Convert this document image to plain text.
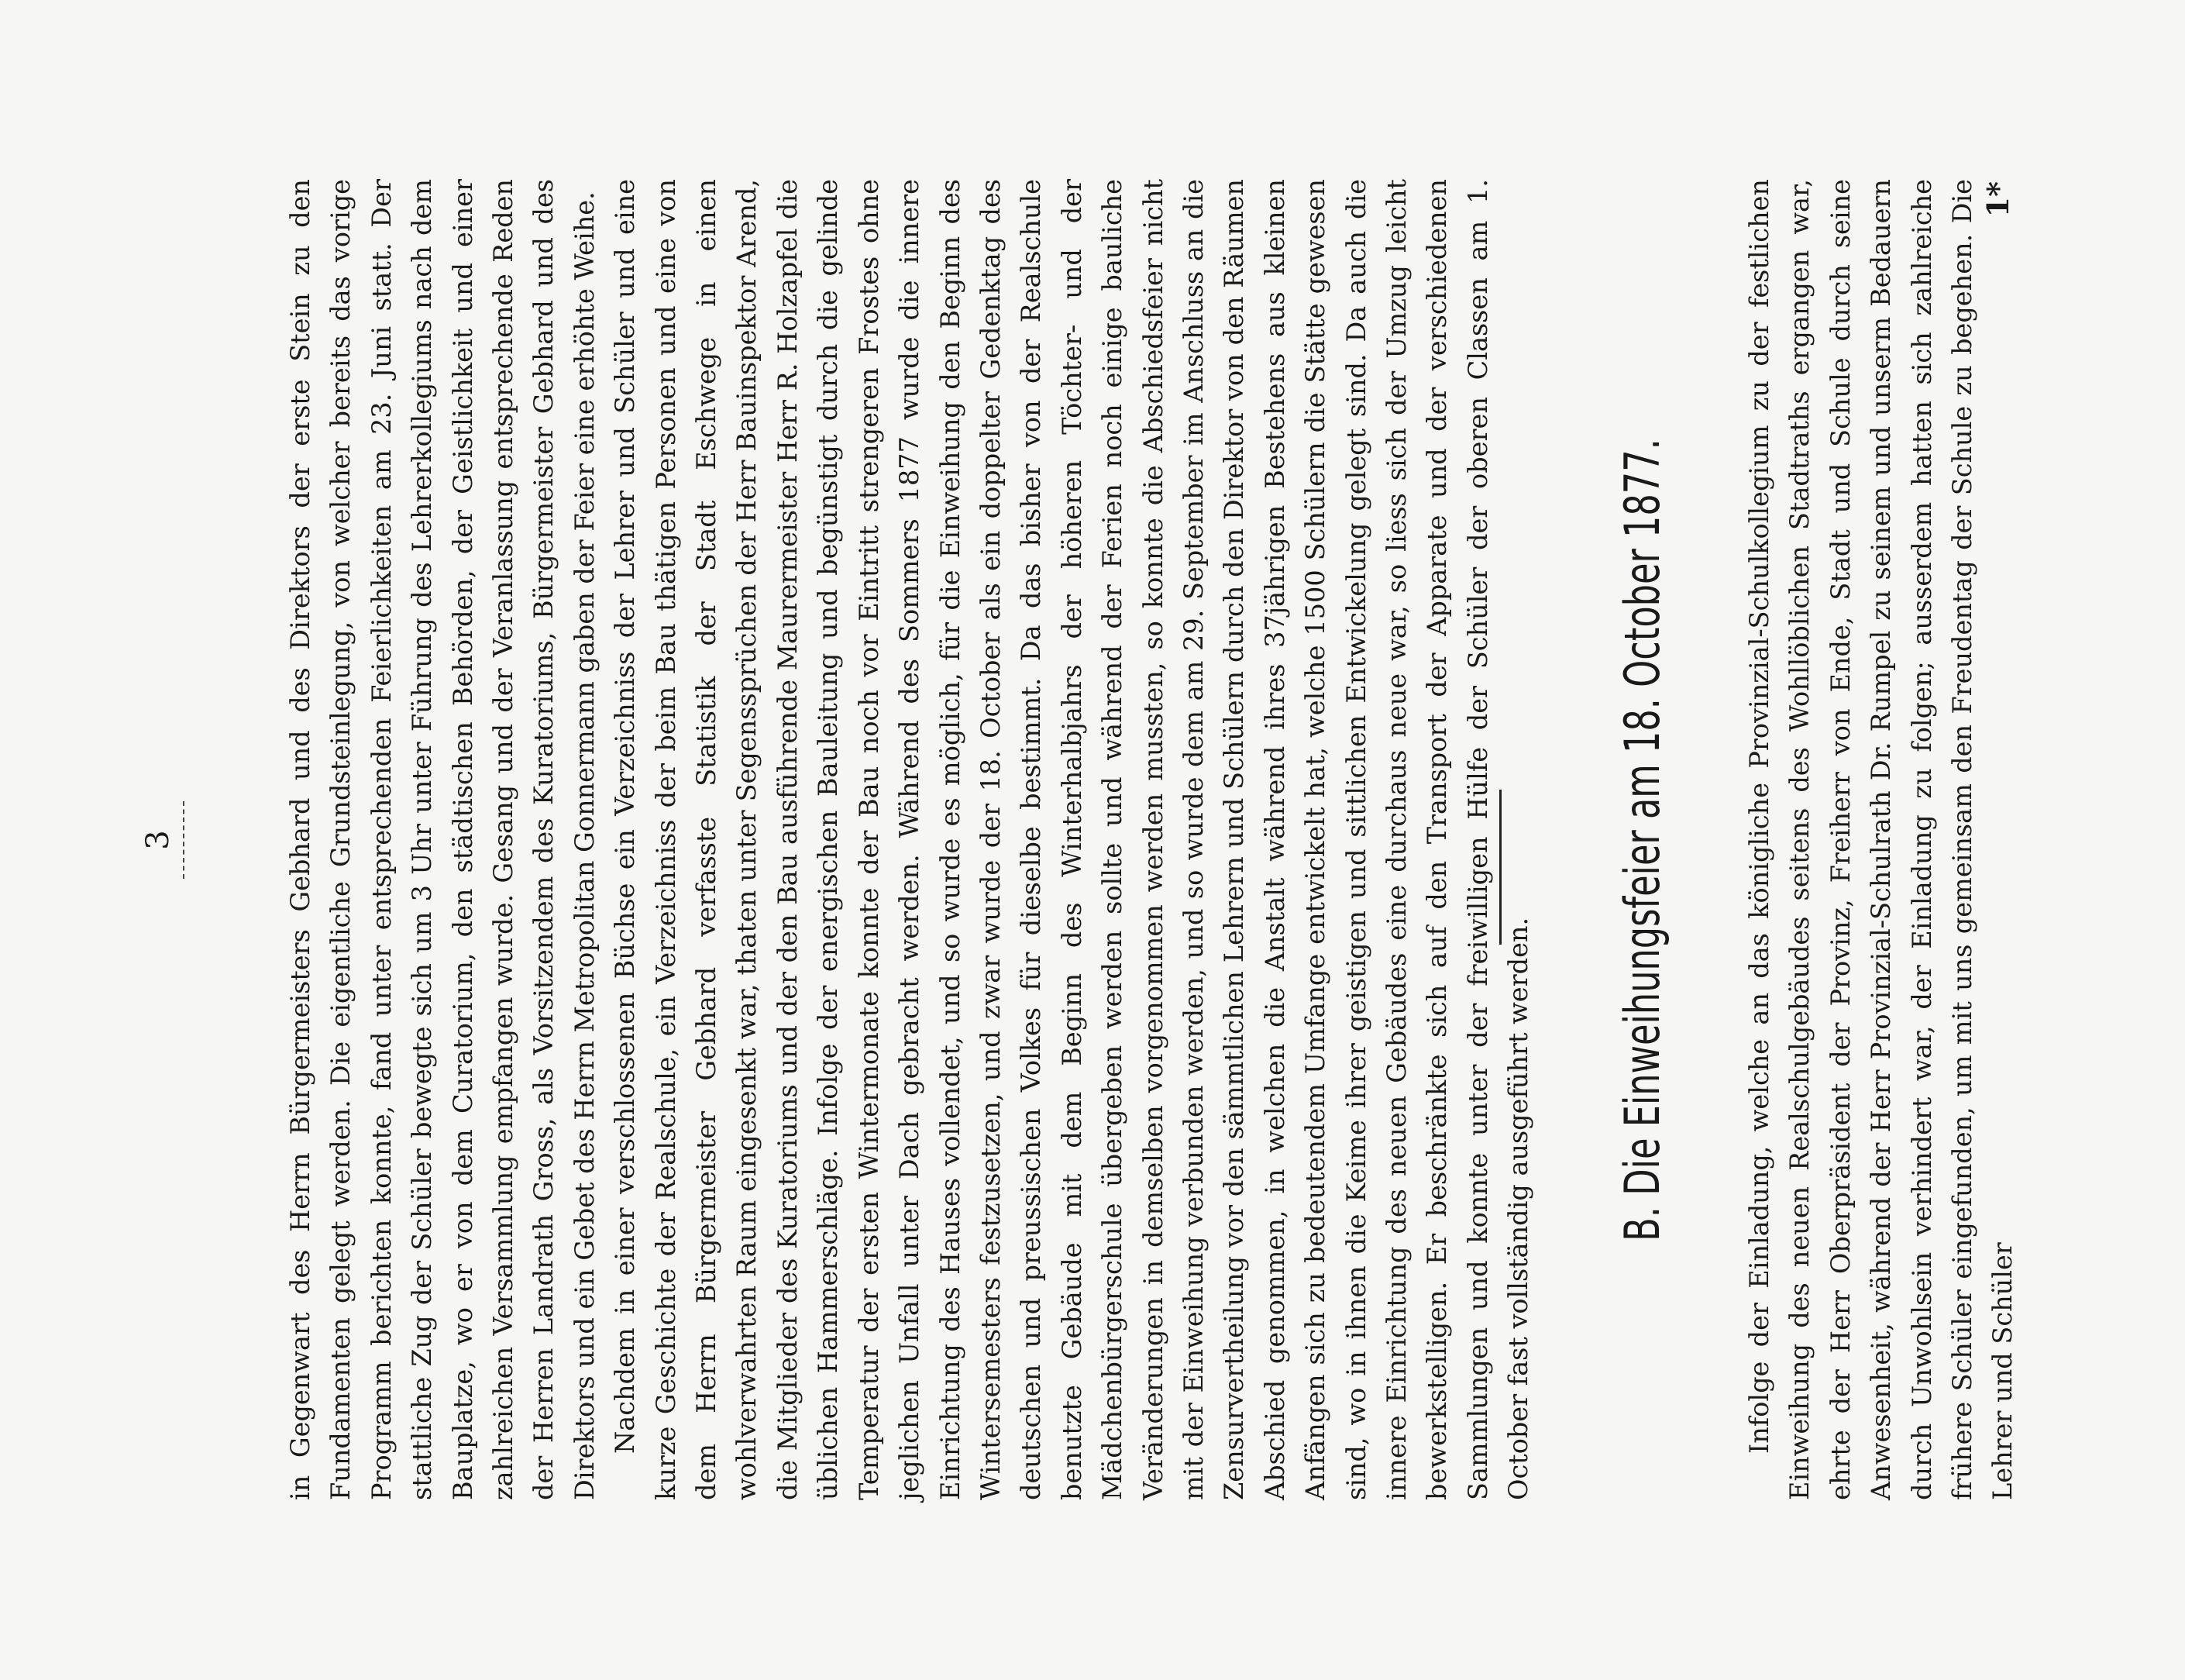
3	in Gegenwart des Herrn Bürgermeisters Gebhard und des Direktors der erste Stein zu den Fundamenten gelegt werden. Die eigentliche Grundsteinlegung, von welcher bereits das vorige Programm berichten konnte, fand unter entsprechenden Feierlichkeiten am 23. Juni statt. Der stattliche Zug der Schüler bewegte sich um 3 Uhr unter Führung des Lehrerkollegiums nach dem Bauplatze, wo er von dem Curatorium, den städtischen Behörden, der Geistlichkeit und einer zahlreichen Versammlung empfangen wurde. Gesang und der Veranlassung entsprechende Reden der Herren Landrath Gross, als Vorsitzendem des Kuratoriums, Bürgermeister Gebhard und des Direktors und ein Gebet des Herrn Metropolitan Gonnermann gaben der Feier eine erhöhte Weihe. Nachdem in einer verschlossenen Büchse ein Verzeichniss der Lehrer und Schüler und eine kurze Geschichte der Realschule, ein Verzeichniss der beim Bau thätigen Personen und eine von dem Herrn Bürgermeister Gebhard verfasste Statistik der Stadt Eschwege in einen wohlverwahrten Raum eingesenkt war, thaten unter Segenssprüchen der Herr Bauinspektor Arend, die Mitglieder des Kuratoriums und der den Bau ausführende Maurermeister Herr R. Holzapfel die üblichen Hammerschläge. Infolge der energischen Bauleitung und begünstigt durch die gelinde Temperatur der ersten Wintermonate konnte der Bau noch vor Eintritt strengeren Frostes ohne jeglichen Unfall unter Dach gebracht werden. Während des Sommers 1877 wurde die innere Einrichtung des Hauses vollendet, und so wurde es möglich, für die Einweihung den Beginn des Wintersemesters festzusetzen, und zwar wurde der 18. October als ein doppelter Gedenktag des deutschen und preussischen Volkes für dieselbe bestimmt. Da das bisher von der Realschule benutzte Gebäude mit dem Beginn des Winterhalbjahrs der höheren Töchter- und der Mädchenbürgerschule übergeben werden sollte und während der Ferien noch einige bauliche Veränderungen in demselben vorgenommen werden mussten, so konnte die Abschiedsfeier nicht mit der Einweihung verbunden werden, und so wurde dem am 29. September im Anschluss an die Zensurvertheilung vor den sämmtlichen Lehrern und Schülern durch den Direktor von den Räumen Abschied genommen, in welchen die Anstalt während ihres 37jährigen Bestehens aus kleinen Anfängen sich zu bedeutendem Umfange entwickelt hat, welche 1500 Schülern die Stätte gewesen sind, wo in ihnen die Keime ihrer geistigen und sittlichen Entwickelung gelegt sind. Da auch die innere Einrichtung des neuen Gebäudes eine durchaus neue war, so liess sich der Umzug leicht bewerkstelligen. Er beschränkte sich auf den Transport der Apparate und der verschiedenen Sammlungen und konnte unter der freiwilligen Hülfe der Schüler der oberen Classen am 1. October fast vollständig ausgeführt werden. B. Die Einweihungsfeier am 18. October 1877.	Infolge der Einladung, welche an das königliche Provinzial-Schulkollegium zu der festlichen Einweihung des neuen Realschulgebäudes seitens des Wohllöblichen Stadtraths ergangen war, ehrte der Herr Oberpräsident der Provinz, Freiherr von Ende, Stadt und Schule durch seine Anwesenheit, während der Herr Provinzial-Schulrath Dr. Rumpel zu seinem und unserm Bedauern durch Unwohlsein verhindert war, der Einladung zu folgen; ausserdem hatten sich zahlreiche frühere Schüler eingefunden, um mit uns gemeinsam den Freudentag der Schule zu begehen. Die Lehrer und Schüler

1*
